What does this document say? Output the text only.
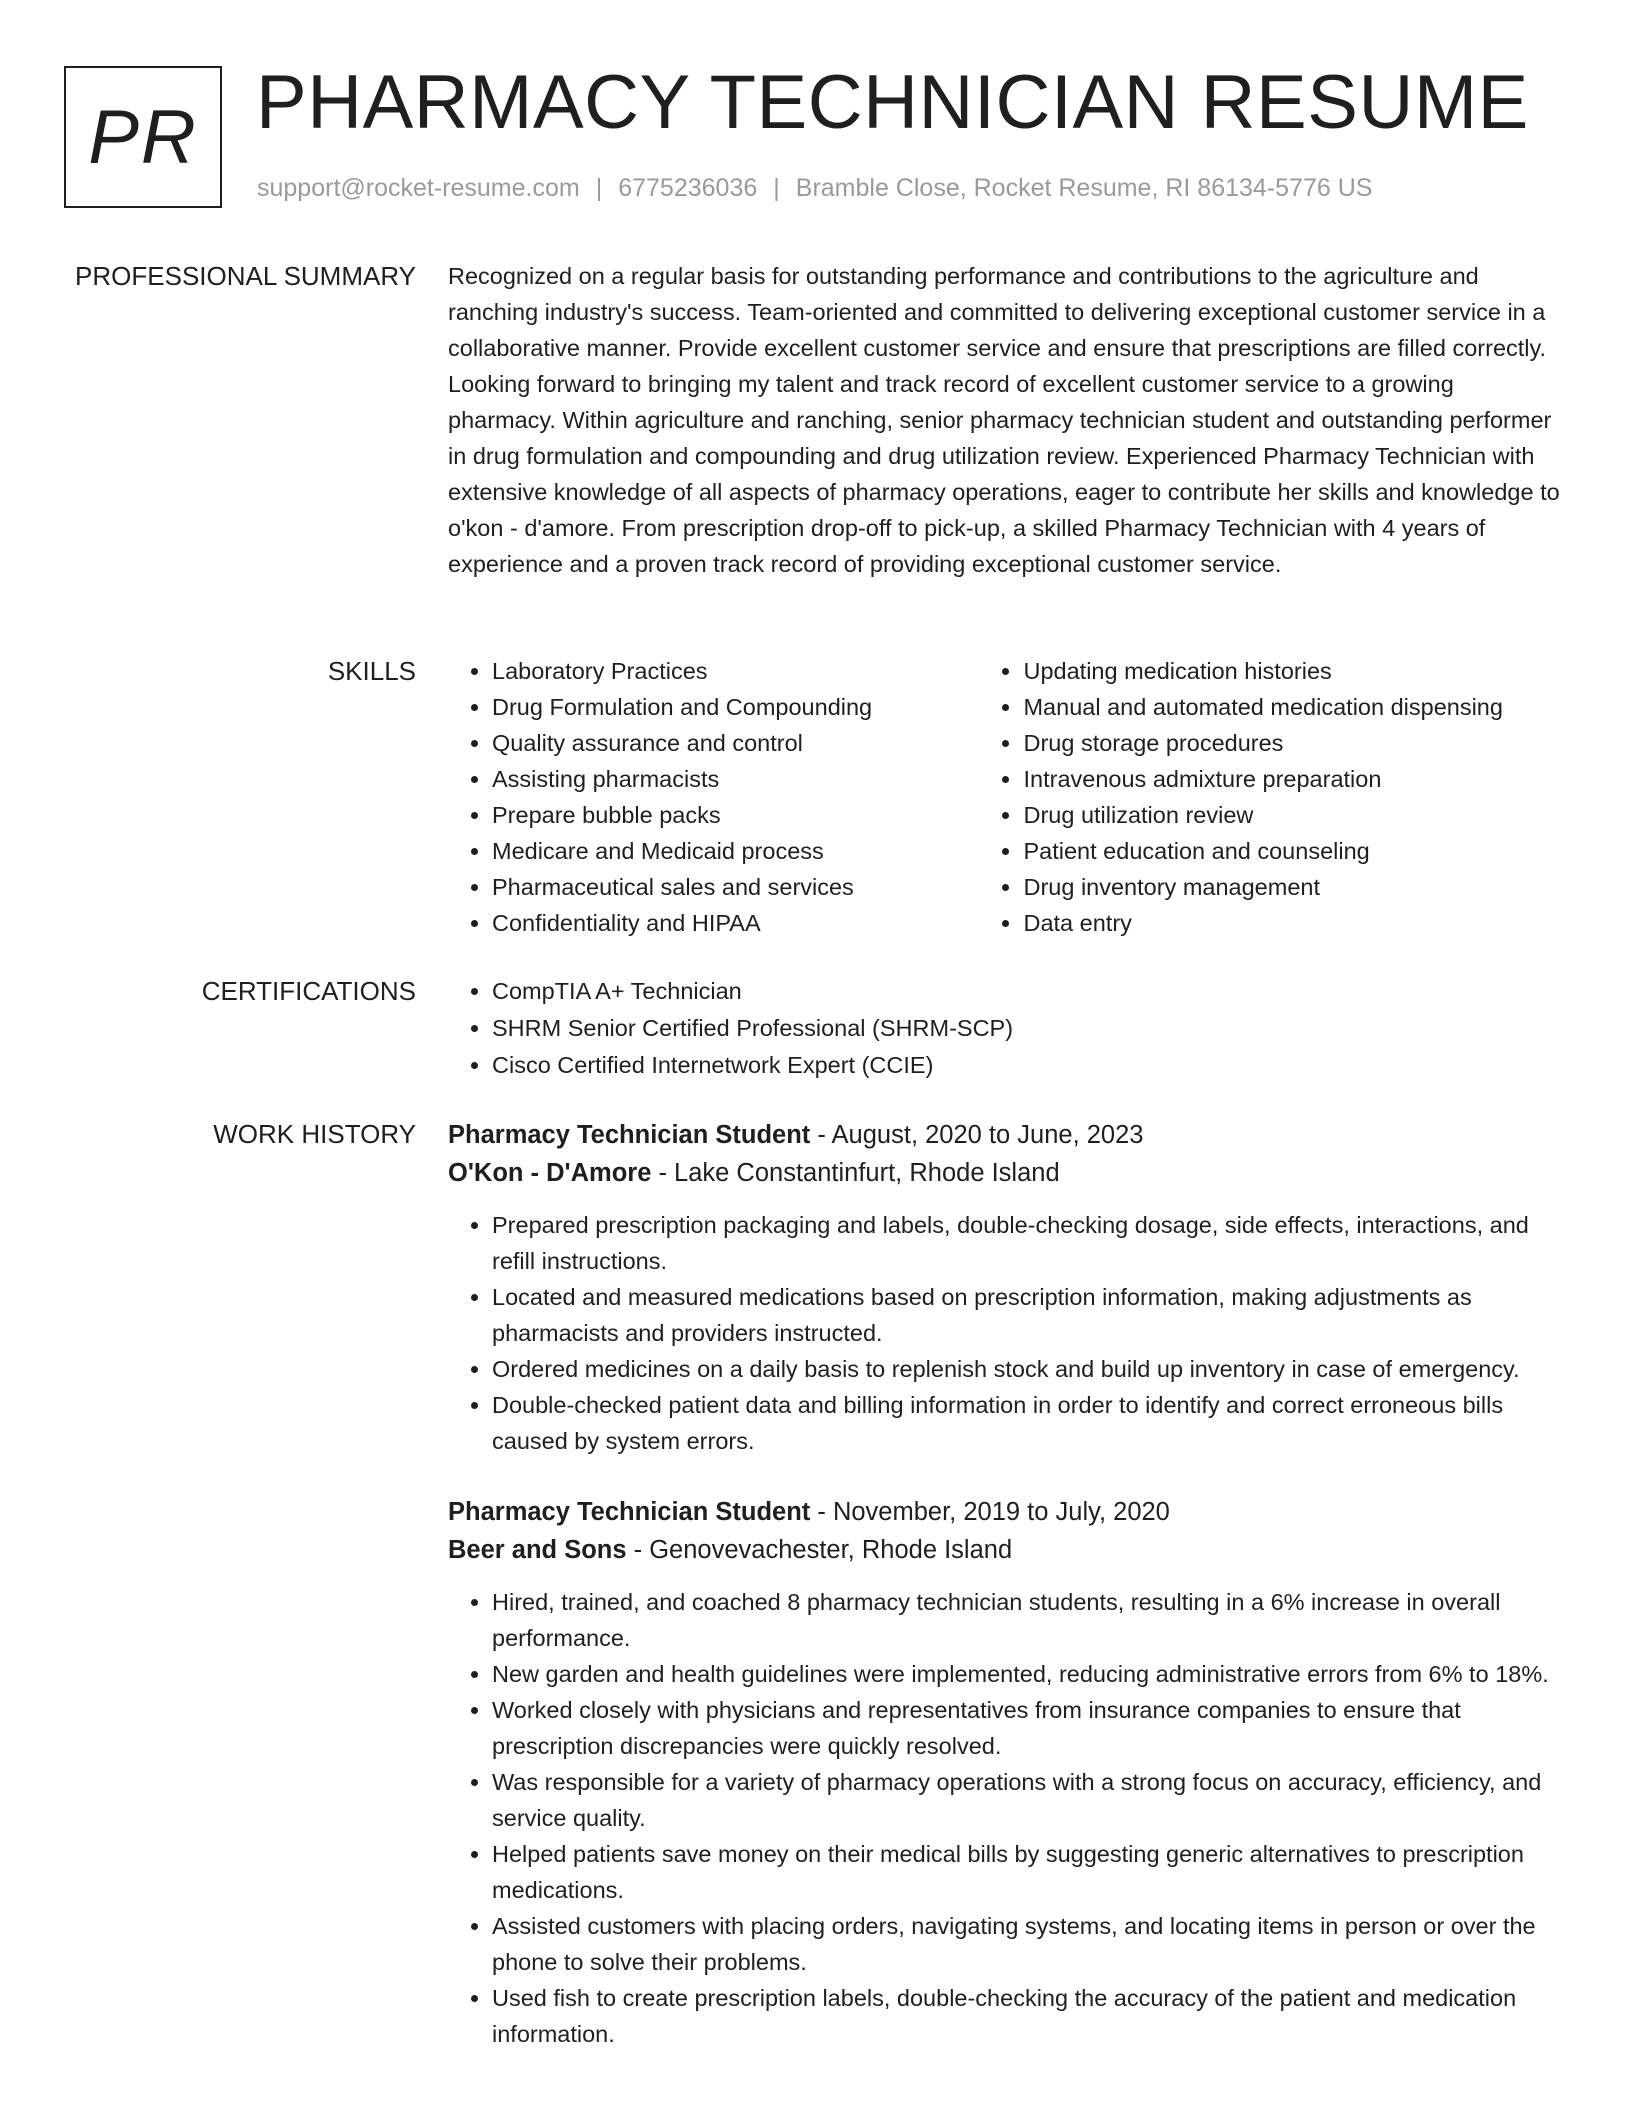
PR PHARMACY TECHNICIAN RESUME
support@rocket-resume.com | 6775236036 | Bramble Close, Rocket Resume, RI 86134-5776 US
PROFESSIONAL SUMMARY Recognized on a regular basis for outstanding performance and contributions to the agriculture and ranching industry's success. Team-oriented and committed to delivering exceptional customer service in a collaborative manner. Provide excellent customer service and ensure that prescriptions are filled correctly. Looking forward to bringing my talent and track record of excellent customer service to a growing pharmacy. Within agriculture and ranching, senior pharmacy technician student and outstanding performer in drug formulation and compounding and drug utilization review. Experienced Pharmacy Technician with extensive knowledge of all aspects of pharmacy operations, eager to contribute her skills and knowledge to o'kon - d'amore. From prescription drop-off to pick-up, a skilled Pharmacy Technician with 4 years of experience and a proven track record of providing exceptional customer service.

SKILLS	• Laboratory Practices
• Drug Formulation and Compounding
• Quality assurance and control
• Assisting pharmacists
• Prepare bubble packs
• Medicare and Medicaid process
• Pharmaceutical sales and services
• Confidentiality and HIPAA
• Updating medication histories
• Manual and automated medication dispensing
• Drug storage procedures
• Intravenous admixture preparation
• Drug utilization review
• Patient education and counseling
• Drug inventory management
• Data entry
CERTIFICATIONS	• CompTIA A+ Technician
• SHRM Senior Certified Professional (SHRM-SCP)
• Cisco Certified Internetwork Expert (CCIE)
WORK HISTORY Pharmacy Technician Student - August, 2020 to June, 2023
O'Kon - D'Amore - Lake Constantinfurt, Rhode Island
• Prepared prescription packaging and labels, double-checking dosage, side effects, interactions, and refill instructions.
• Located and measured medications based on prescription information, making adjustments as pharmacists and providers instructed.
• Ordered medicines on a daily basis to replenish stock and build up inventory in case of emergency.
• Double-checked patient data and billing information in order to identify and correct erroneous bills caused by system errors.
Pharmacy Technician Student - November, 2019 to July, 2020
Beer and Sons - Genovevachester, Rhode Island
• Hired, trained, and coached 8 pharmacy technician students, resulting in a 6% increase in overall performance.
• New garden and health guidelines were implemented, reducing administrative errors from 6% to 18%.
• Worked closely with physicians and representatives from insurance companies to ensure that prescription discrepancies were quickly resolved.
• Was responsible for a variety of pharmacy operations with a strong focus on accuracy, efficiency, and service quality.
• Helped patients save money on their medical bills by suggesting generic alternatives to prescription medications.
• Assisted customers with placing orders, navigating systems, and locating items in person or over the phone to solve their problems.
• Used fish to create prescription labels, double-checking the accuracy of the patient and medication information.
